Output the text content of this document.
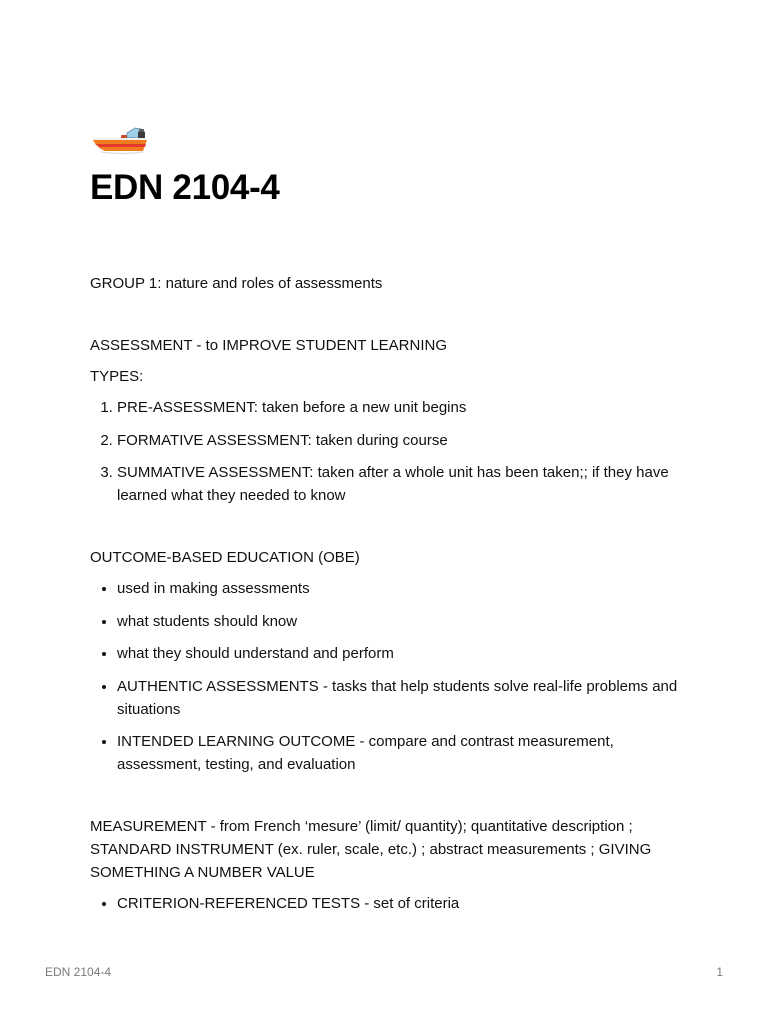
EDN 2104-4

GROUP 1: nature and roles of assessments

ASSESSMENT - to IMPROVE STUDENT LEARNING

TYPES:

1. PRE-ASSESSMENT: taken before a new unit begins
2. FORMATIVE ASSESSMENT: taken during course
3. SUMMATIVE ASSESSMENT: taken after a whole unit has been taken;; if they have learned what they needed to know

OUTCOME-BASED EDUCATION (OBE)

• used in making assessments
• what students should know
• what they should understand and perform
• AUTHENTIC ASSESSMENTS - tasks that help students solve real-life problems and situations
• INTENDED LEARNING OUTCOME - compare and contrast measurement, assessment, testing, and evaluation

MEASUREMENT - from French ‘mesure’ (limit/ quantity); quantitative description ; STANDARD INSTRUMENT (ex. ruler, scale, etc.) ; abstract measurements ; GIVING SOMETHING A NUMBER VALUE

• CRITERION-REFERENCED TESTS - set of criteria
EDN 2104-4	1
